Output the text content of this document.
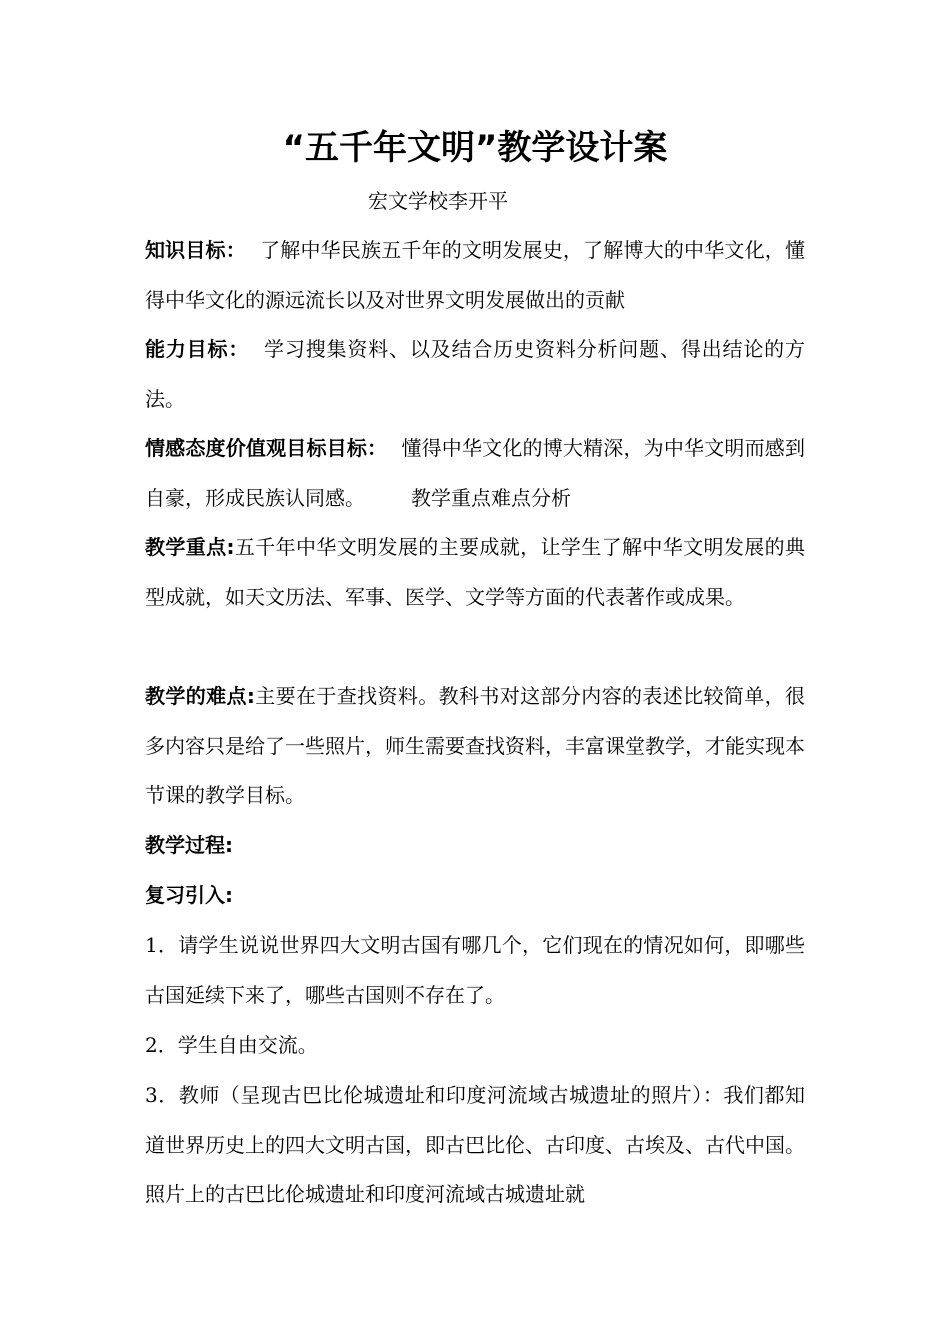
“五千年文明”教学设计案
宏文学校李开平
知识目标： 了解中华民族五千年的文明发展史，了解博大的中华文化，懂得中华文化的源远流长以及对世界文明发展做出的贡献
能力目标： 学习搜集资料、以及结合历史资料分析问题、得出结论的方法。
情感态度价值观目标目标： 懂得中华文化的博大精深，为中华文明而感到自豪，形成民族认同感。 教学重点难点分析
教学重点:五千年中华文明发展的主要成就，让学生了解中华文明发展的典型成就，如天文历法、军事、医学、文学等方面的代表著作或成果。
教学的难点:主要在于查找资料。教科书对这部分内容的表述比较简单，很多内容只是给了一些照片，师生需要查找资料，丰富课堂教学，才能实现本节课的教学目标。
教学过程:
复习引入:
1．请学生说说世界四大文明古国有哪几个，它们现在的情况如何，即哪些古国延续下来了，哪些古国则不存在了。
2．学生自由交流。
3．教师（呈现古巴比伦城遗址和印度河流域古城遗址的照片）：我们都知道世界历史上的四大文明古国，即古巴比伦、古印度、古埃及、古代中国。照片上的古巴比伦城遗址和印度河流域古城遗址就
